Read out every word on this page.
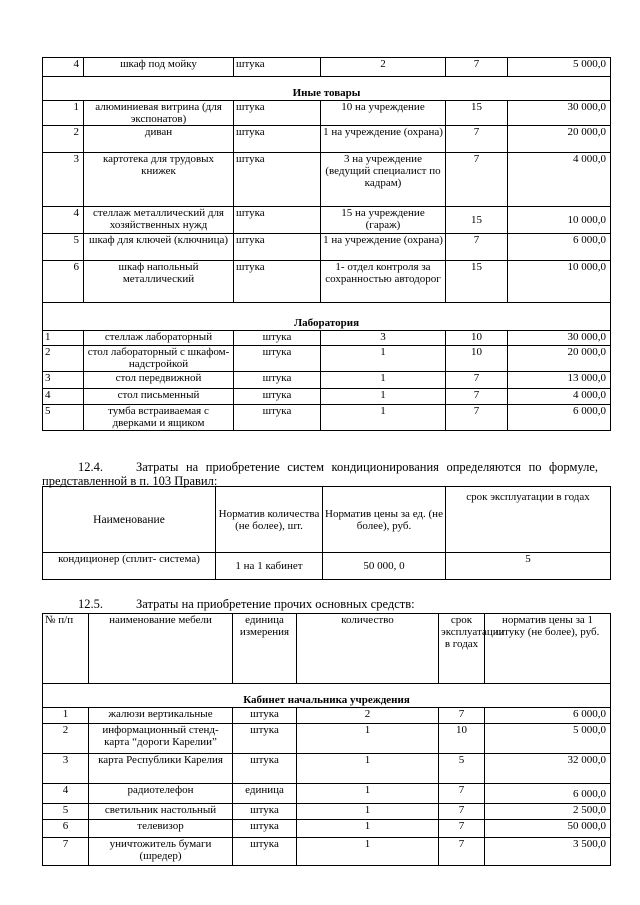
4	шкаф под мойку	штука	2	7	5 000,0
Иные товары					
1	алюминиевая витрина (для экспонатов)	штука	10 на учреждение	15	30 000,0
2	диван	штука	1 на учреждение (охрана)	7	20 000,0
3	картотека для трудовых книжек	штука	3 на учреждение (ведущий специалист по кадрам)	7	4 000,0
4	стеллаж металлический для хозяйственных нужд	штука	15 на учреждение (гараж)	15	10 000,0
5	шкаф для ключей (ключница)	штука	1 на учреждение (охрана)	7	6 000,0
6	шкаф напольный металлический	штука	1- отдел контроля за сохранностью автодорог	15	10 000,0
Лаборатория					
1	стеллаж лабораторный	штука	3	10	30 000,0
2	стол лабораторный с шкафом-надстройкой	штука	1	10	20 000,0
3	стол передвижной	штука	1	7	13 000,0
4	стол письменный	штука	1	7	4 000,0
5	тумба встраиваемая с дверками и ящиком	штука	1	7	6 000,0
12.4.	Затраты на приобретение систем кондиционирования определяются по формуле, представленной в п. 103 Правил:
Наименование	Норматив количества (не более), шт.	Норматив цены за ед. (не более), руб.	срок эксплуатации в годах
кондиционер (сплит- система)	1 на 1 кабинет	50 000, 0	5
12.5.	Затраты на приобретение прочих основных средств:
№ п/п	наименование мебели	единица измерения	количество	срок эксплуатации в годах	норматив цены за 1 штуку (не более), руб.
Кабинет начальника учреждения					
1	жалюзи вертикальные	штука	2	7	6 000,0
2	информационный стенд-карта “дороги Карелии”	штука	1	10	5 000,0
3	карта Республики Карелия	штука	1	5	32 000,0
4	радиотелефон	единица	1	7	6 000,0
5	светильник настольный	штука	1	7	2 500,0
6	телевизор	штука	1	7	50 000,0
7	уничтожитель бумаги (шредер)	штука	1	7	3 500,0
